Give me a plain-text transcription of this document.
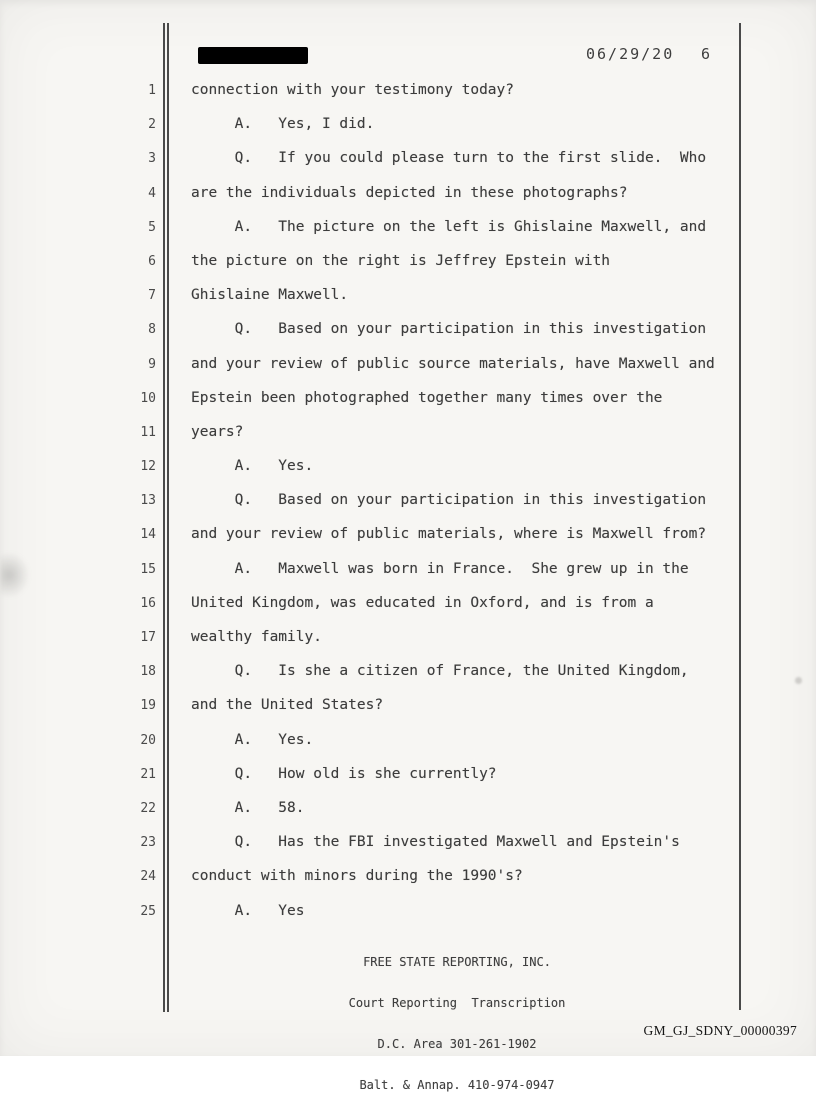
06/29/20 6
1 connection with your testimony today?
2 A.   Yes, I did.
3 Q.   If you could please turn to the first slide.  Who
4 are the individuals depicted in these photographs?
5 A.   The picture on the left is Ghislaine Maxwell, and
6 the picture on the right is Jeffrey Epstein with
7 Ghislaine Maxwell.
8 Q.   Based on your participation in this investigation
9 and your review of public source materials, have Maxwell and
10 Epstein been photographed together many times over the
11 years?
12 A.   Yes.
13 Q.   Based on your participation in this investigation
14 and your review of public materials, where is Maxwell from?
15 A.   Maxwell was born in France.  She grew up in the
16 United Kingdom, was educated in Oxford, and is from a
17 wealthy family.
18 Q.   Is she a citizen of France, the United Kingdom,
19 and the United States?
20 A.   Yes.
21 Q.   How old is she currently?
22 A.   58.
23 Q.   Has the FBI investigated Maxwell and Epstein's
24 conduct with minors during the 1990's?
25 A.   Yes

FREE STATE REPORTING, INC.

Court Reporting  Transcription

D.C. Area 301-261-1902

Balt. & Annap. 410-974-0947

GM_GJ_SDNY_00000397
